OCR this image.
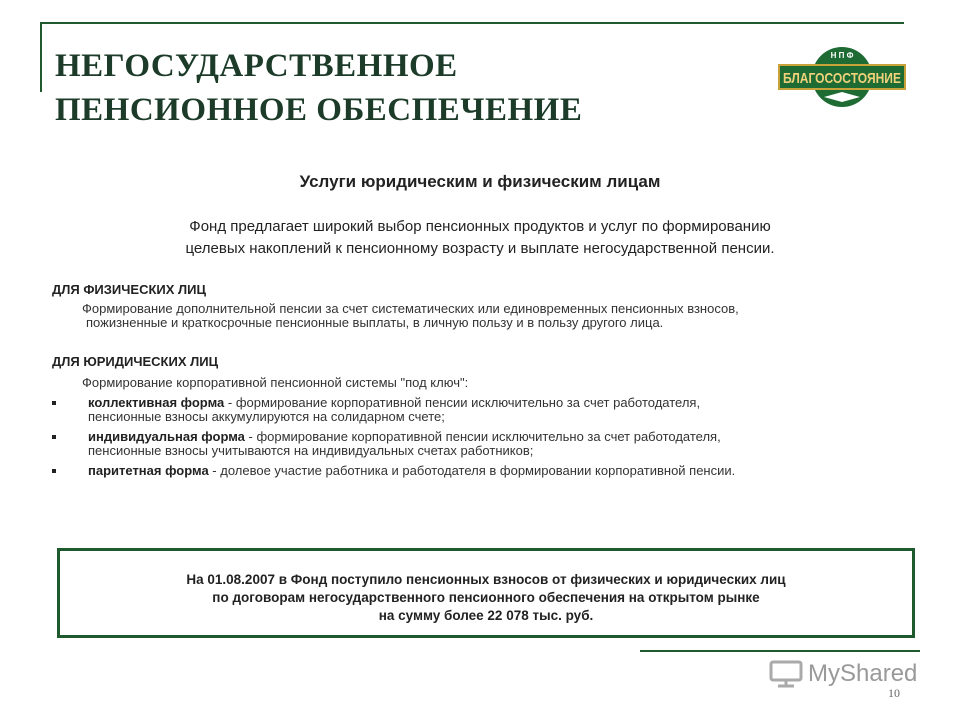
НЕГОСУДАРСТВЕННОЕ
ПЕНСИОННОЕ ОБЕСПЕЧЕНИЕ
Н П Ф
БЛАГОСОСТОЯНИЕ
Услуги юридическим и физическим лицам
Фонд предлагает широкий выбор пенсионных продуктов и услуг по формированию
целевых накоплений к пенсионному возрасту и выплате негосударственной пенсии.
ДЛЯ ФИЗИЧЕСКИХ ЛИЦ
Формирование дополнительной пенсии за счет систематических или единовременных пенсионных взносов,
пожизненные и краткосрочные пенсионные выплаты, в личную пользу и в пользу другого лица.
ДЛЯ ЮРИДИЧЕСКИХ ЛИЦ
Формирование корпоративной пенсионной системы "под ключ":
коллективная форма - формирование корпоративной пенсии исключительно за счет работодателя,
пенсионные взносы аккумулируются на солидарном счете;
индивидуальная форма - формирование корпоративной пенсии исключительно за счет работодателя,
пенсионные взносы учитываются на индивидуальных счетах работников;
паритетная форма - долевое участие работника и работодателя в формировании корпоративной пенсии.
На 01.08.2007 в Фонд поступило пенсионных взносов от физических и юридических лиц
по договорам негосударственного пенсионного обеспечения на открытом рынке
на сумму более 22 078 тыс. руб.
MyShared
10
